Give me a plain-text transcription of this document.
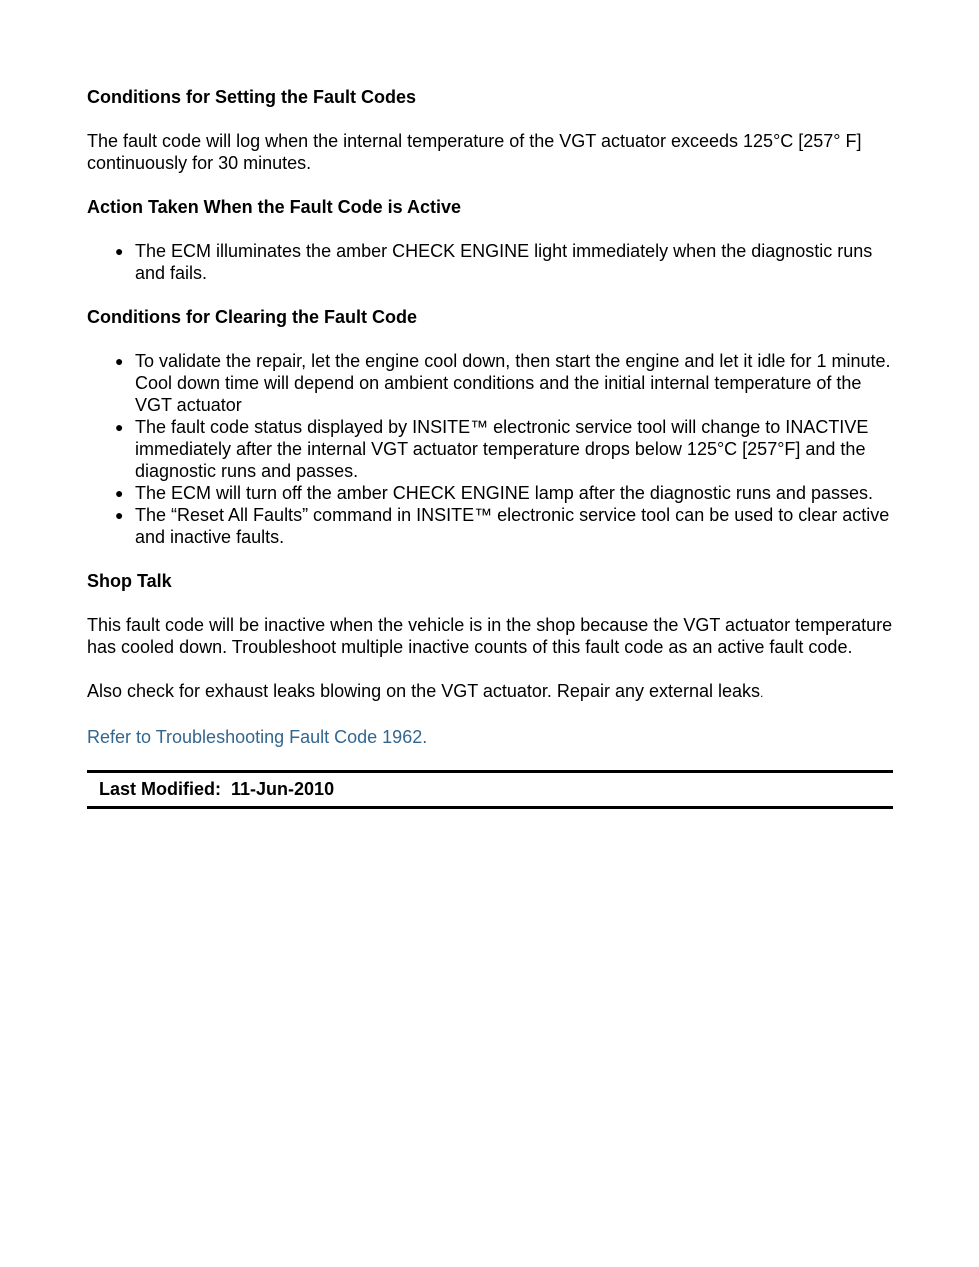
Conditions for Setting the Fault Codes

The fault code will log when the internal temperature of the VGT actuator exceeds 125°C [257° F] continuously for 30 minutes.

Action Taken When the Fault Code is Active
● The ECM illuminates the amber CHECK ENGINE light immediately when the diagnostic runs and fails.
Conditions for Clearing the Fault Code
● To validate the repair, let the engine cool down, then start the engine and let it idle for 1 minute. Cool down time will depend on ambient conditions and the initial internal temperature of the VGT actuator
● The fault code status displayed by INSITE™ electronic service tool will change to INACTIVE immediately after the internal VGT actuator temperature drops below 125°C [257°F] and the diagnostic runs and passes.
● The ECM will turn off the amber CHECK ENGINE lamp after the diagnostic runs and passes.
● The “Reset All Faults” command in INSITE™ electronic service tool can be used to clear active and inactive faults.
Shop Talk

This fault code will be inactive when the vehicle is in the shop because the VGT actuator temperature has cooled down. Troubleshoot multiple inactive counts of this fault code as an active fault code.

Also check for exhaust leaks blowing on the VGT actuator. Repair any external leaks.

Refer to Troubleshooting Fault Code 1962.

Last Modified: 11-Jun-2010
